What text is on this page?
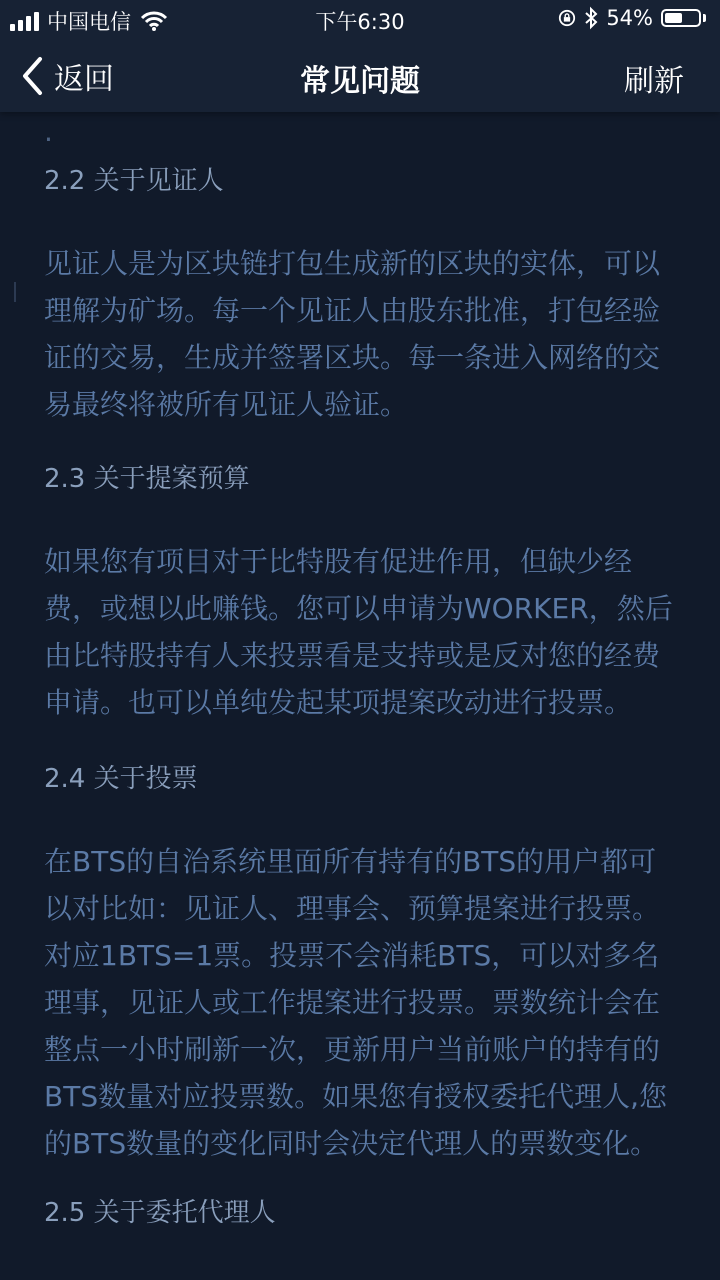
中国电信	下午6:30	54%
返回	常见问题	刷新
·
2.2 关于见证人

见证人是为区块链打包生成新的区块的实体，可以理解为矿场。每一个见证人由股东批准，打包经验证的交易，生成并签署区块。每一条进入网络的交易最终将被所有见证人验证。

2.3 关于提案预算

如果您有项目对于比特股有促进作用，但缺少经费，或想以此赚钱。您可以申请为WORKER，然后由比特股持有人来投票看是支持或是反对您的经费申请。也可以单纯发起某项提案改动进行投票。

2.4 关于投票

在BTS的自治系统里面所有持有的BTS的用户都可以对比如：见证人、理事会、预算提案进行投票。对应1BTS=1票。投票不会消耗BTS，可以对多名理事，见证人或工作提案进行投票。票数统计会在整点一小时刷新一次，更新用户当前账户的持有的BTS数量对应投票数。如果您有授权委托代理人,您的BTS数量的变化同时会决定代理人的票数变化。

2.5 关于委托代理人
